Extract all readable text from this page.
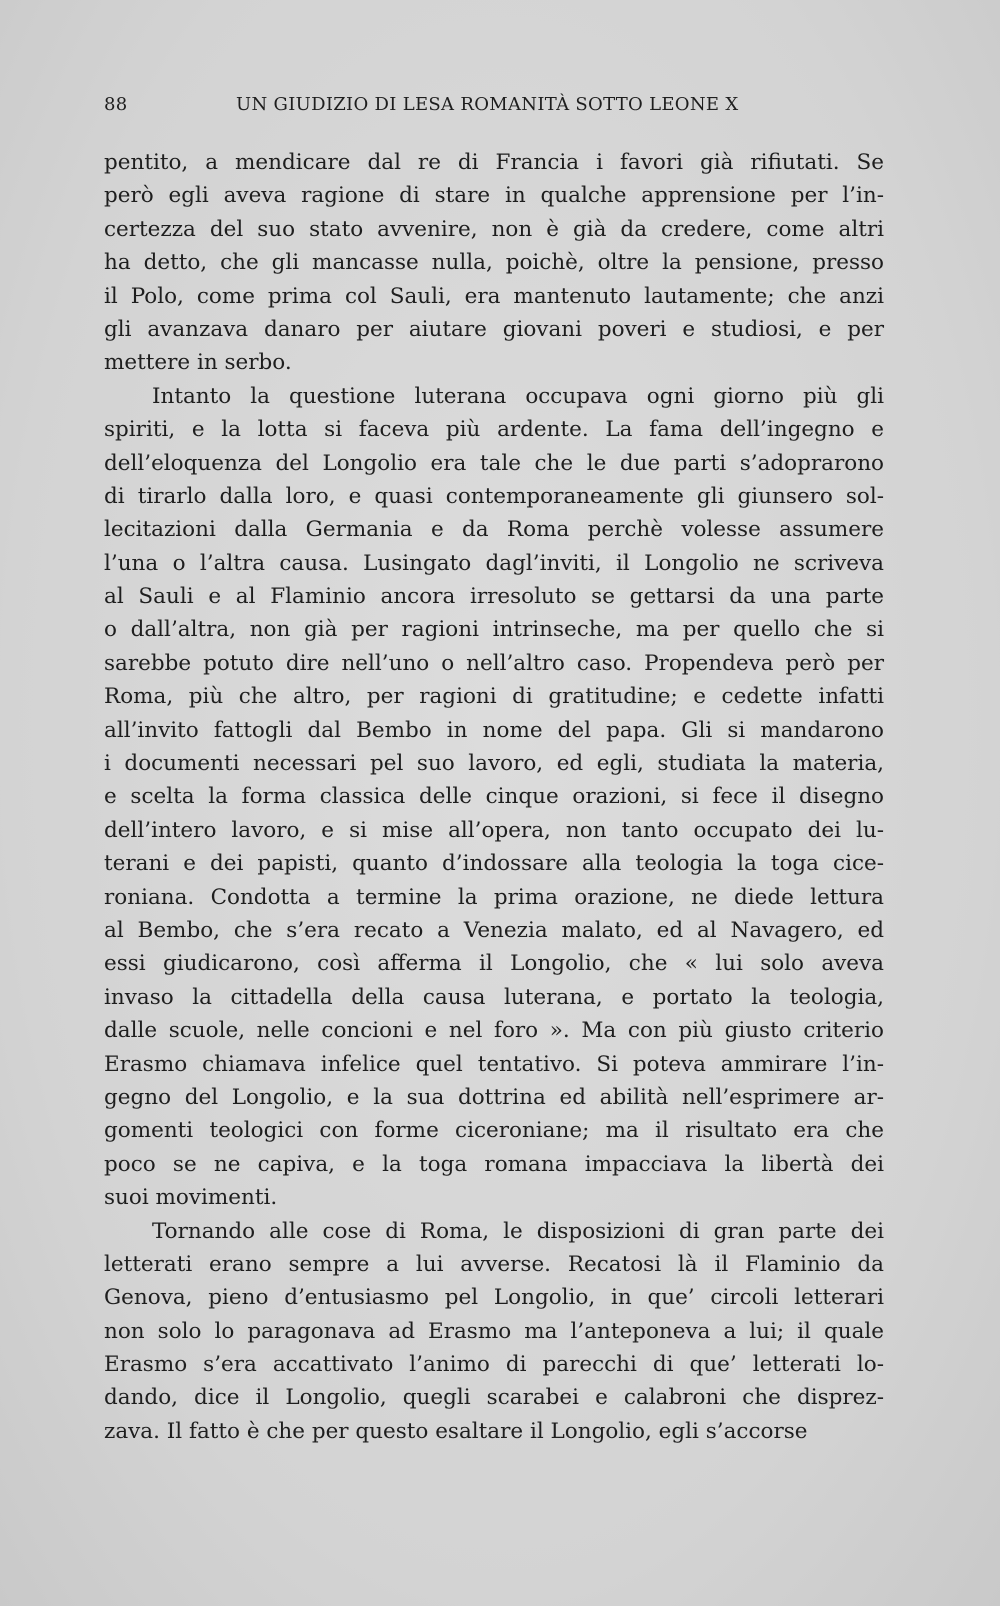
88	UN GIUDIZIO DI LESA ROMANITÀ SOTTO LEONE X
pentito, a mendicare dal re di Francia i favori già rifiutati. Se
però egli aveva ragione di stare in qualche apprensione per l’in-
certezza del suo stato avvenire, non è già da credere, come altri
ha detto, che gli mancasse nulla, poichè, oltre la pensione, presso
il Polo, come prima col Sauli, era mantenuto lautamente; che anzi
gli avanzava danaro per aiutare giovani poveri e studiosi, e per
mettere in serbo.
Intanto la questione luterana occupava ogni giorno più gli
spiriti, e la lotta si faceva più ardente. La fama dell’ingegno e
dell’eloquenza del Longolio era tale che le due parti s’adoprarono
di tirarlo dalla loro, e quasi contemporaneamente gli giunsero sol-
lecitazioni dalla Germania e da Roma perchè volesse assumere
l’una o l’altra causa. Lusingato dagl’inviti, il Longolio ne scriveva
al Sauli e al Flaminio ancora irresoluto se gettarsi da una parte
o dall’altra, non già per ragioni intrinseche, ma per quello che si
sarebbe potuto dire nell’uno o nell’altro caso. Propendeva però per
Roma, più che altro, per ragioni di gratitudine; e cedette infatti
all’invito fattogli dal Bembo in nome del papa. Gli si mandarono
i documenti necessari pel suo lavoro, ed egli, studiata la materia,
e scelta la forma classica delle cinque orazioni, si fece il disegno
dell’intero lavoro, e si mise all’opera, non tanto occupato dei lu-
terani e dei papisti, quanto d’indossare alla teologia la toga cice-
roniana. Condotta a termine la prima orazione, ne diede lettura
al Bembo, che s’era recato a Venezia malato, ed al Navagero, ed
essi giudicarono, così afferma il Longolio, che « lui solo aveva
invaso la cittadella della causa luterana, e portato la teologia,
dalle scuole, nelle concioni e nel foro ». Ma con più giusto criterio
Erasmo chiamava infelice quel tentativo. Si poteva ammirare l’in-
gegno del Longolio, e la sua dottrina ed abilità nell’esprimere ar-
gomenti teologici con forme ciceroniane; ma il risultato era che
poco se ne capiva, e la toga romana impacciava la libertà dei
suoi movimenti.
Tornando alle cose di Roma, le disposizioni di gran parte dei
letterati erano sempre a lui avverse. Recatosi là il Flaminio da
Genova, pieno d’entusiasmo pel Longolio, in que’ circoli letterari
non solo lo paragonava ad Erasmo ma l’anteponeva a lui; il quale
Erasmo s’era accattivato l’animo di parecchi di que’ letterati lo-
dando, dice il Longolio, quegli scarabei e calabroni che disprez-
zava. Il fatto è che per questo esaltare il Longolio, egli s’accorse
